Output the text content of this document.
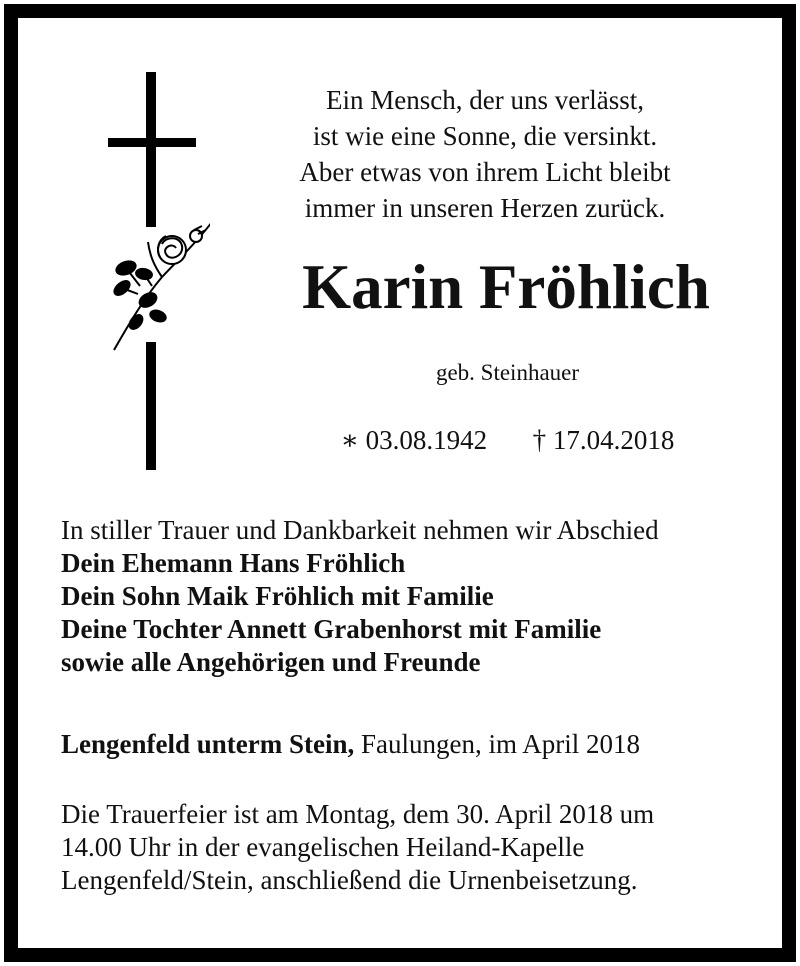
Ein Mensch, der uns verlässt,
ist wie eine Sonne, die versinkt.
Aber etwas von ihrem Licht bleibt
immer in unseren Herzen zurück.
Karin Fröhlich
geb. Steinhauer
∗ 03.08.1942 † 17.04.2018
In stiller Trauer und Dankbarkeit nehmen wir Abschied
Dein Ehemann Hans Fröhlich
Dein Sohn Maik Fröhlich mit Familie
Deine Tochter Annett Grabenhorst mit Familie
sowie alle Angehörigen und Freunde
Lengenfeld unterm Stein, Faulungen, im April 2018
Die Trauerfeier ist am Montag, dem 30. April 2018 um
14.00 Uhr in der evangelischen Heiland-Kapelle
Lengenfeld/Stein, anschließend die Urnenbeisetzung.
